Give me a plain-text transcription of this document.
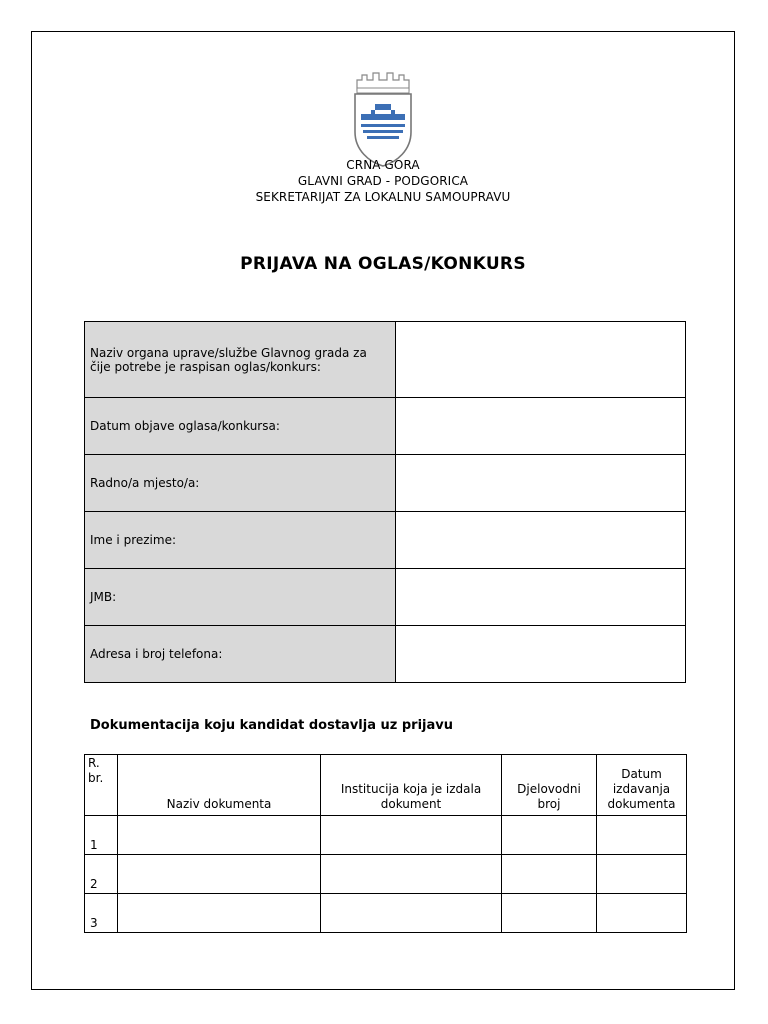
CRNA GORA
GLAVNI GRAD - PODGORICA
SEKRETARIJAT ZA LOKALNU SAMOUPRAVU
PRIJAVA NA OGLAS/KONKURS
Naziv organa uprave/službe Glavnog grada za čije potrebe je raspisan oglas/konkurs:	
Datum objave oglasa/konkursa:	
Radno/a mjesto/a:	
Ime i prezime:	
JMB:	
Adresa i broj telefona:	
Dokumentacija koju kandidat dostavlja uz prijavu
R. br.	Naziv dokumenta	Institucija koja je izdala dokument	Djelovodni broj	Datum izdavanja dokumenta
1				
2				
3				
